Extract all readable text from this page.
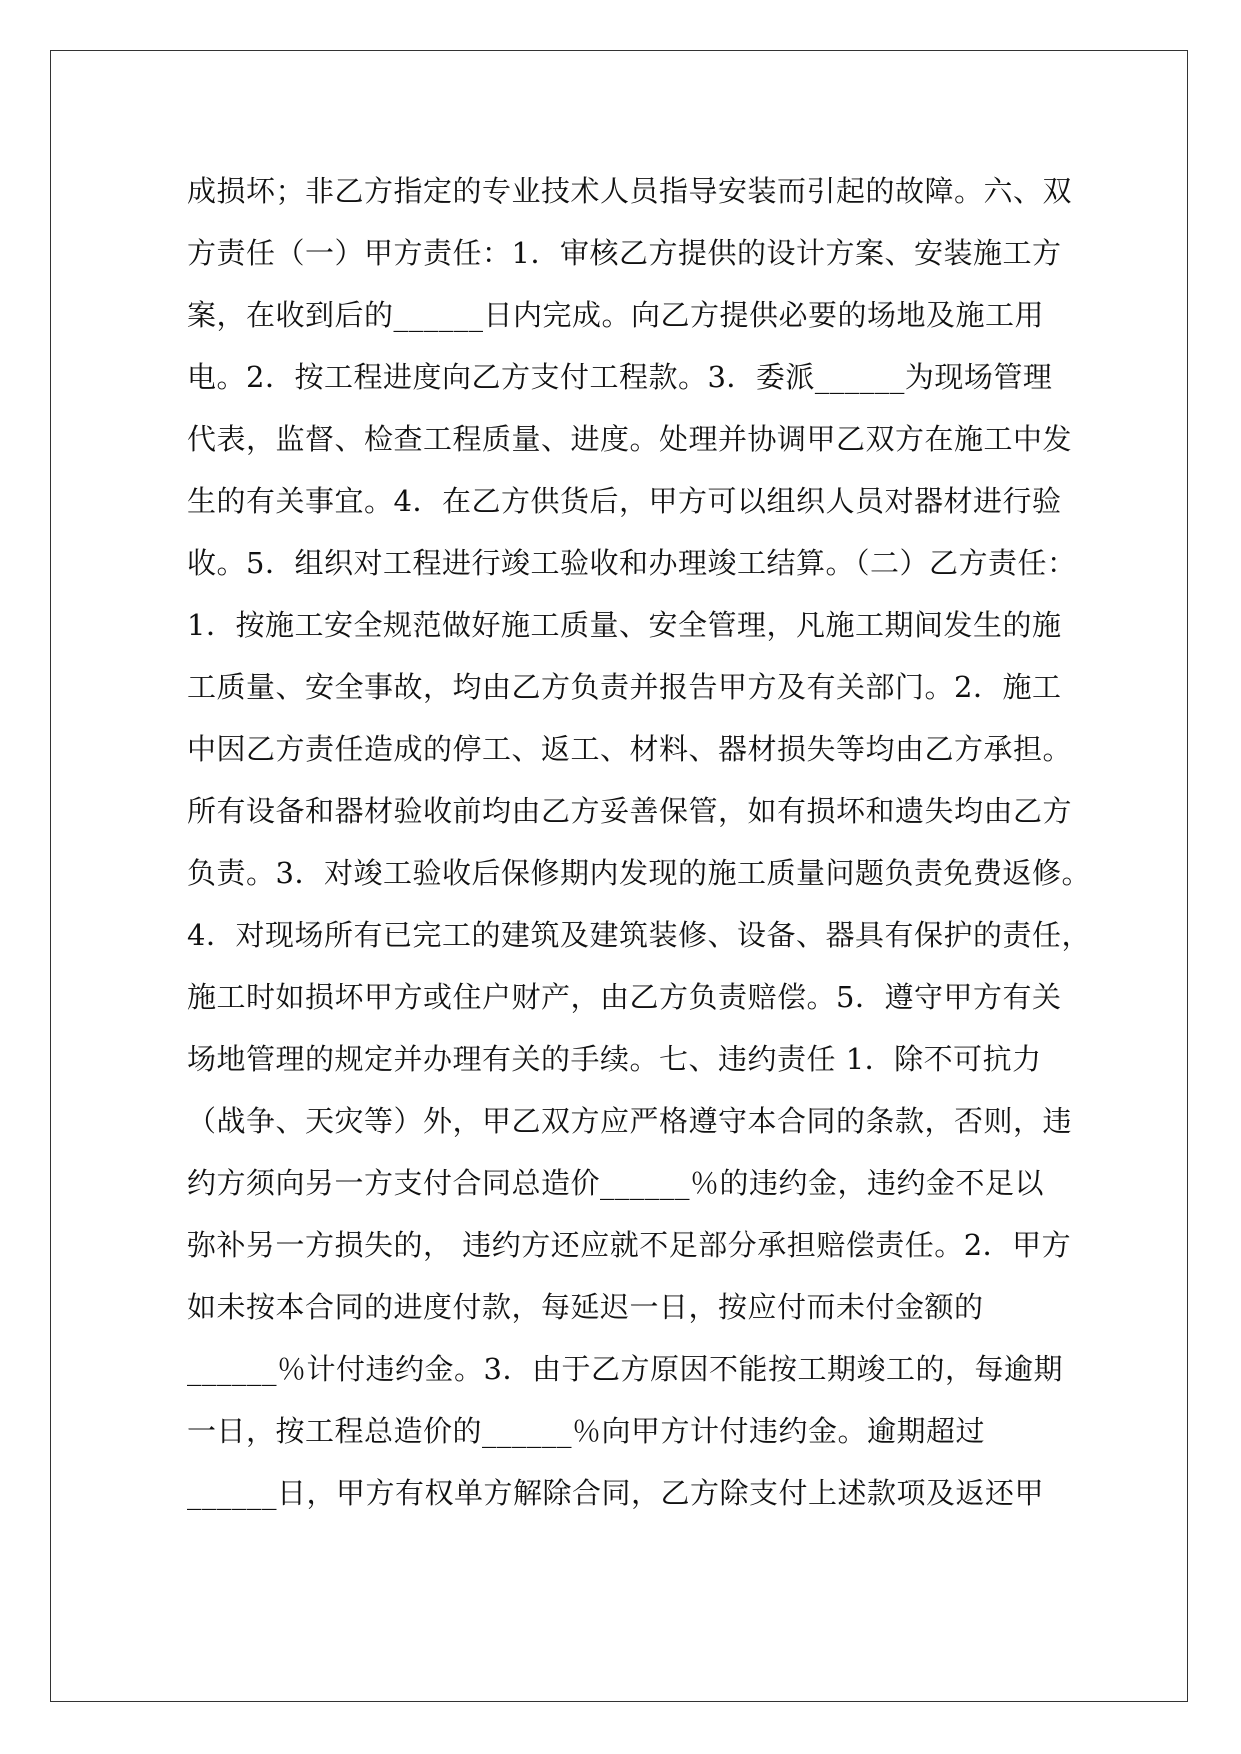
成损坏；非乙方指定的专业技术人员指导安装而引起的故障。六、双
方责任（一）甲方责任：1．审核乙方提供的设计方案、安装施工方
案，在收到后的______日内完成。向乙方提供必要的场地及施工用
电。2．按工程进度向乙方支付工程款。3．委派______为现场管理
代表，监督、检查工程质量、进度。处理并协调甲乙双方在施工中发
生的有关事宜。4．在乙方供货后，甲方可以组织人员对器材进行验
收。5．组织对工程进行竣工验收和办理竣工结算。（二）乙方责任：
1．按施工安全规范做好施工质量、安全管理，凡施工期间发生的施
工质量、安全事故，均由乙方负责并报告甲方及有关部门。2．施工
中因乙方责任造成的停工、返工、材料、器材损失等均由乙方承担。
所有设备和器材验收前均由乙方妥善保管，如有损坏和遗失均由乙方
负责。3．对竣工验收后保修期内发现的施工质量问题负责免费返修。
4．对现场所有已完工的建筑及建筑装修、设备、器具有保护的责任，
施工时如损坏甲方或住户财产，由乙方负责赔偿。5．遵守甲方有关
场地管理的规定并办理有关的手续。七、违约责任 1．除不可抗力
（战争、天灾等）外，甲乙双方应严格遵守本合同的条款，否则，违
约方须向另一方支付合同总造价______％的违约金，违约金不足以
弥补另一方损失的， 违约方还应就不足部分承担赔偿责任。2．甲方
如未按本合同的进度付款，每延迟一日，按应付而未付金额的
______％计付违约金。3．由于乙方原因不能按工期竣工的，每逾期
一日，按工程总造价的______％向甲方计付违约金。逾期超过
______日，甲方有权单方解除合同，乙方除支付上述款项及返还甲
